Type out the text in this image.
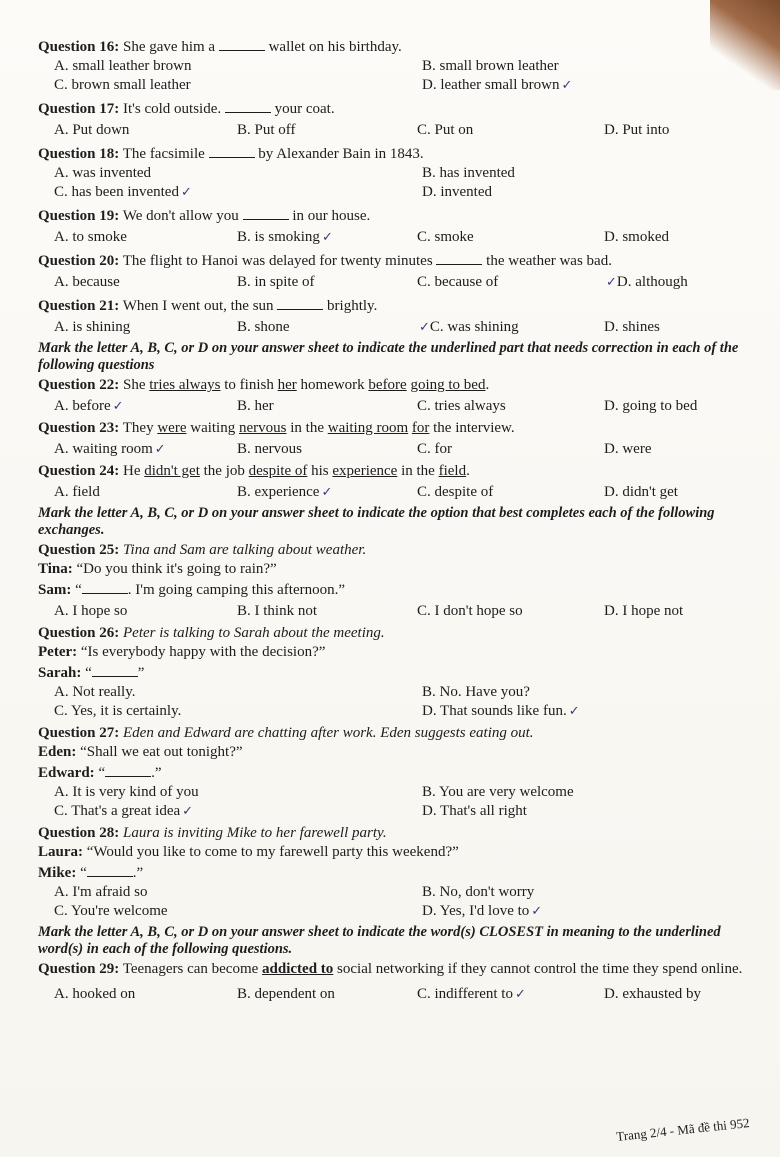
Question 16: She gave him a	wallet on his birthday.

A. small leather brown	B. small brown leather
C. brown small leather	D. leather small brown ✓

Question 17: It's cold outside.	your coat.

A. Put down	B. Put off	C. Put on	D. Put into

Question 18: The facsimile	by Alexander Bain in 1843.

A. was invented	B. has invented
C. has been invented ✓	D. invented

Question 19: We don't allow you	in our house.

A. to smoke	B. is smoking ✓	C. smoke	D. smoked

Question 20: The flight to Hanoi was delayed for twenty minutes	the weather was bad.

A. because	B. in spite of	C. because of	✓D. although

Question 21: When I went out, the sun	brightly.

A. is shining	B. shone	✓C. was shining	D. shines

Mark the letter A, B, C, or D on your answer sheet to indicate the underlined part that needs correction in each of the following questions

Question 22: She tries always to finish her homework before going to bed.

A. before ✓	B. her	C. tries always	D. going to bed

Question 23: They were waiting nervous in the waiting room for the interview.

A. waiting room ✓	B. nervous	C. for	D. were

Question 24: He didn't get the job despite of his experience in the field.

A. field	B. experience ✓	C. despite of	D. didn't get

Mark the letter A, B, C, or D on your answer sheet to indicate the option that best completes each of the following exchanges.

Question 25: Tina and Sam are talking about weather.

Tina: “Do you think it's going to rain?”
Sam: “	. I'm going camping this afternoon.”
A. I hope so	B. I think not	C. I don't hope so	D. I hope not

Question 26: Peter is talking to Sarah about the meeting.

Peter: “Is everybody happy with the decision?”
Sarah: “	”
A. Not really.	B. No. Have you?
C. Yes, it is certainly.	D. That sounds like fun. ✓

Question 27: Eden and Edward are chatting after work. Eden suggests eating out.

Eden: “Shall we eat out tonight?”
Edward: “	.”
A. It is very kind of you	B. You are very welcome
C. That's a great idea ✓	D. That's all right

Question 28: Laura is inviting Mike to her farewell party.

Laura: “Would you like to come to my farewell party this weekend?”
Mike: “	.”
A. I'm afraid so	B. No, don't worry
C. You're welcome	D. Yes, I'd love to ✓

Mark the letter A, B, C, or D on your answer sheet to indicate the word(s) CLOSEST in meaning to the underlined word(s) in each of the following questions.

Question 29: Teenagers can become addicted to social networking if they cannot control the time they spend online.

A. hooked on	B. dependent on	C. indifferent to ✓	D. exhausted by
Trang 2/4 - Mã đề thi 952
